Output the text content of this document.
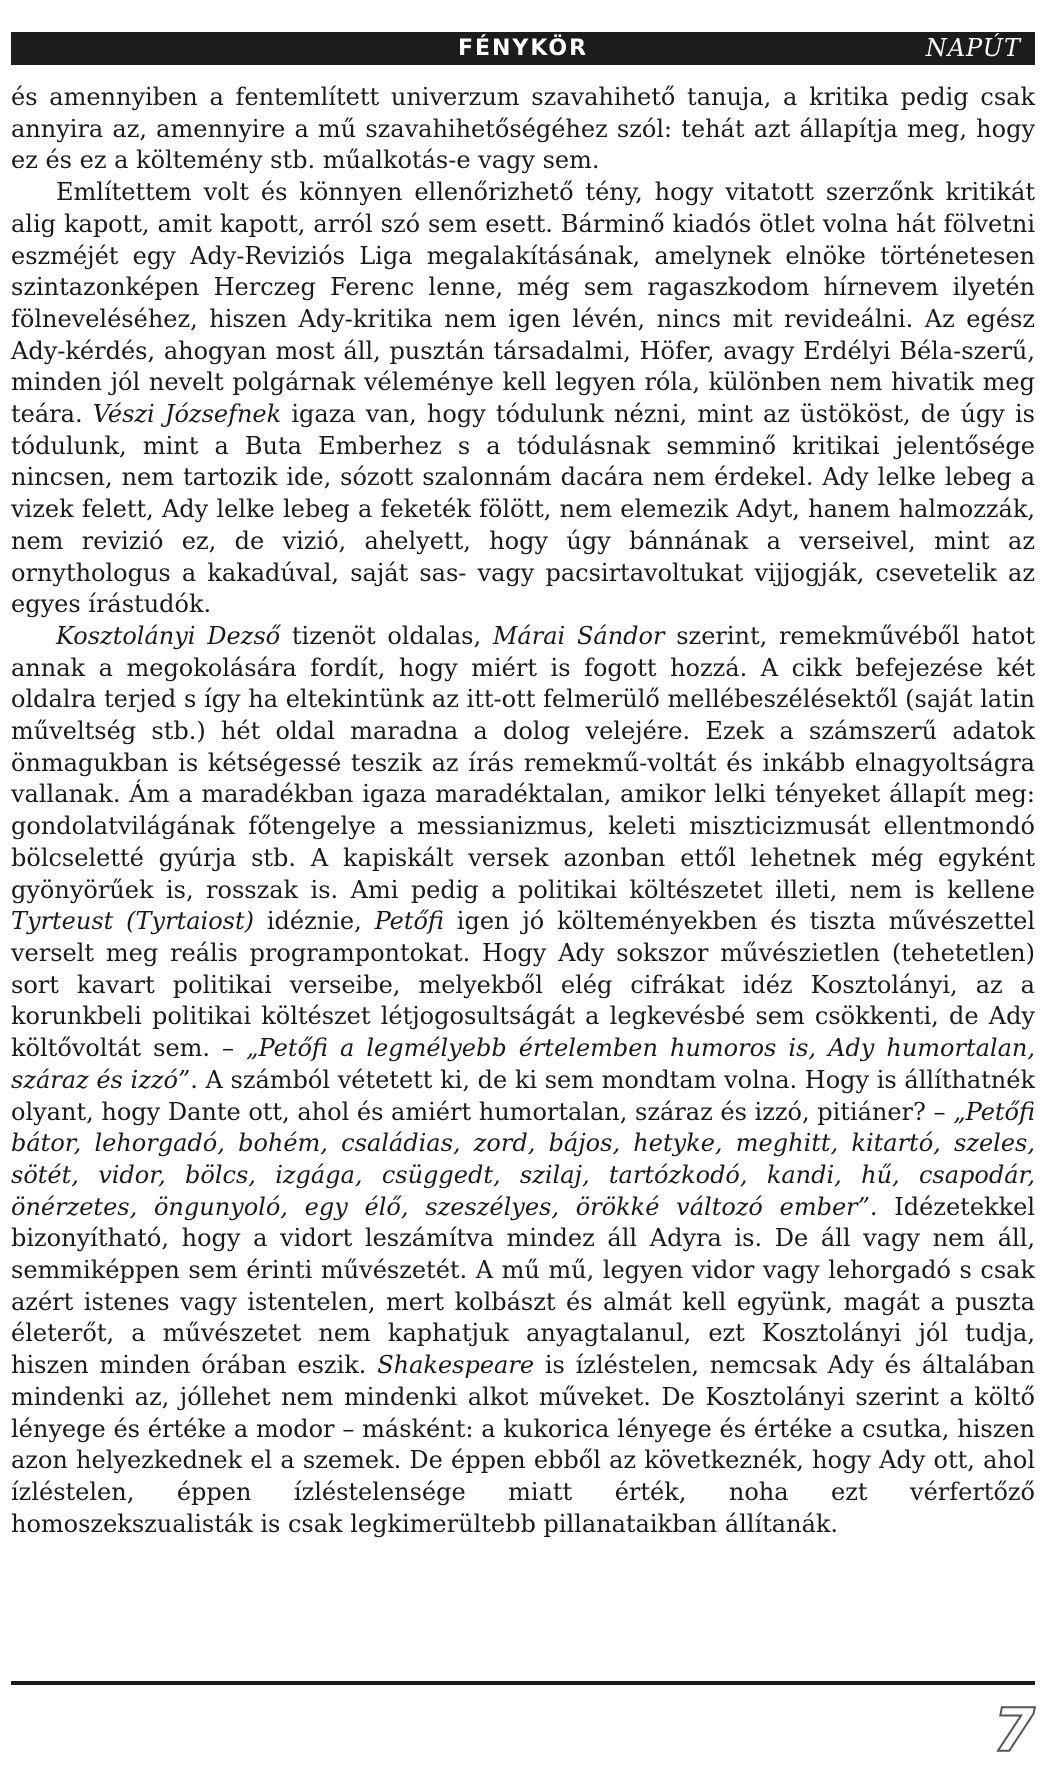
FÉNYKÖR	NAPÚT

és amennyiben a fentemlített univerzum szavahihető tanuja, a kritika pedig csak annyira az, amennyire a mű szavahihetőségéhez szól: tehát azt állapítja meg, hogy ez és ez a költemény stb. műalkotás-e vagy sem.

Említettem volt és könnyen ellenőrizhető tény, hogy vitatott szerzőnk kritikát alig kapott, amit kapott, arról szó sem esett. Bárminő kiadós ötlet volna hát fölvetni eszméjét egy Ady-Reviziós Liga megalakításának, amelynek elnöke történetesen szintazonképen Herczeg Ferenc lenne, még sem ragaszkodom hírnevem ilyetén fölneveléséhez, hiszen Ady-kritika nem igen lévén, nincs mit revideálni. Az egész Ady-kérdés, ahogyan most áll, pusztán társadalmi, Höfer, avagy Erdélyi Béla-szerű, minden jól nevelt polgárnak véleménye kell legyen róla, különben nem hivatik meg teára. Vészi Józsefnek igaza van, hogy tódulunk nézni, mint az üstököst, de úgy is tódulunk, mint a Buta Emberhez s a tódulásnak semminő kritikai jelentősége nincsen, nem tartozik ide, sózott szalonnám dacára nem érdekel. Ady lelke lebeg a vizek felett, Ady lelke lebeg a feketék fölött, nem elemezik Adyt, hanem halmozzák, nem revizió ez, de vizió, ahelyett, hogy úgy bánnának a verseivel, mint az ornythologus a kakadúval, saját sas- vagy pacsirtavoltukat vijjogják, csevetelik az egyes írástudók.

Kosztolányi Dezső tizenöt oldalas, Márai Sándor szerint, remekművéből hatot annak a megokolására fordít, hogy miért is fogott hozzá. A cikk befejezése két oldalra terjed s így ha eltekintünk az itt-ott felmerülő mellébeszélésektől (saját latin műveltség stb.) hét oldal maradna a dolog velejére. Ezek a számszerű adatok önmagukban is kétségessé teszik az írás remekmű-voltát és inkább elnagyoltságra vallanak. Ám a maradékban igaza maradéktalan, amikor lelki tényeket állapít meg: gondolatvilágának főtengelye a messianizmus, keleti miszticizmusát ellentmondó bölcseletté gyúrja stb. A kapiskált versek azonban ettől lehetnek még egyként gyönyörűek is, rosszak is. Ami pedig a politikai költészetet illeti, nem is kellene Tyrteust (Tyrtaiost) idéznie, Petőfi igen jó költeményekben és tiszta művészettel verselt meg reális programpontokat. Hogy Ady sokszor művészietlen (tehetetlen) sort kavart politikai verseibe, melyekből elég cifrákat idéz Kosztolányi, az a korunkbeli politikai költészet létjogosultságát a legkevésbé sem csökkenti, de Ady költővoltát sem. – „Petőfi a legmélyebb értelemben humoros is, Ady humortalan, száraz és izzó”. A számból vétetett ki, de ki sem mondtam volna. Hogy is állíthatnék olyant, hogy Dante ott, ahol és amiért humortalan, száraz és izzó, pitiáner? – „Petőfi bátor, lehorgadó, bohém, családias, zord, bájos, hetyke, meghitt, kitartó, szeles, sötét, vidor, bölcs, izgága, csüggedt, szilaj, tartózkodó, kandi, hű, csapodár, önérzetes, öngunyoló, egy élő, szeszélyes, örökké változó ember”. Idézetekkel bizonyítható, hogy a vidort leszámítva mindez áll Adyra is. De áll vagy nem áll, semmiképpen sem érinti művészetét. A mű mű, legyen vidor vagy lehorgadó s csak azért istenes vagy istentelen, mert kolbászt és almát kell együnk, magát a puszta életerőt, a művészetet nem kaphatjuk anyagtalanul, ezt Kosztolányi jól tudja, hiszen minden órában eszik. Shakespeare is ízléstelen, nemcsak Ady és általában mindenki az, jóllehet nem mindenki alkot műveket. De Kosztolányi szerint a költő lényege és értéke a modor – másként: a kukorica lényege és értéke a csutka, hiszen azon helyezkednek el a szemek. De éppen ebből az következnék, hogy Ady ott, ahol ízléstelen, éppen ízléstelensége miatt érték, noha ezt vérfertőző homoszekszualisták is csak legkimerültebb pillanataikban állítanák.

7
